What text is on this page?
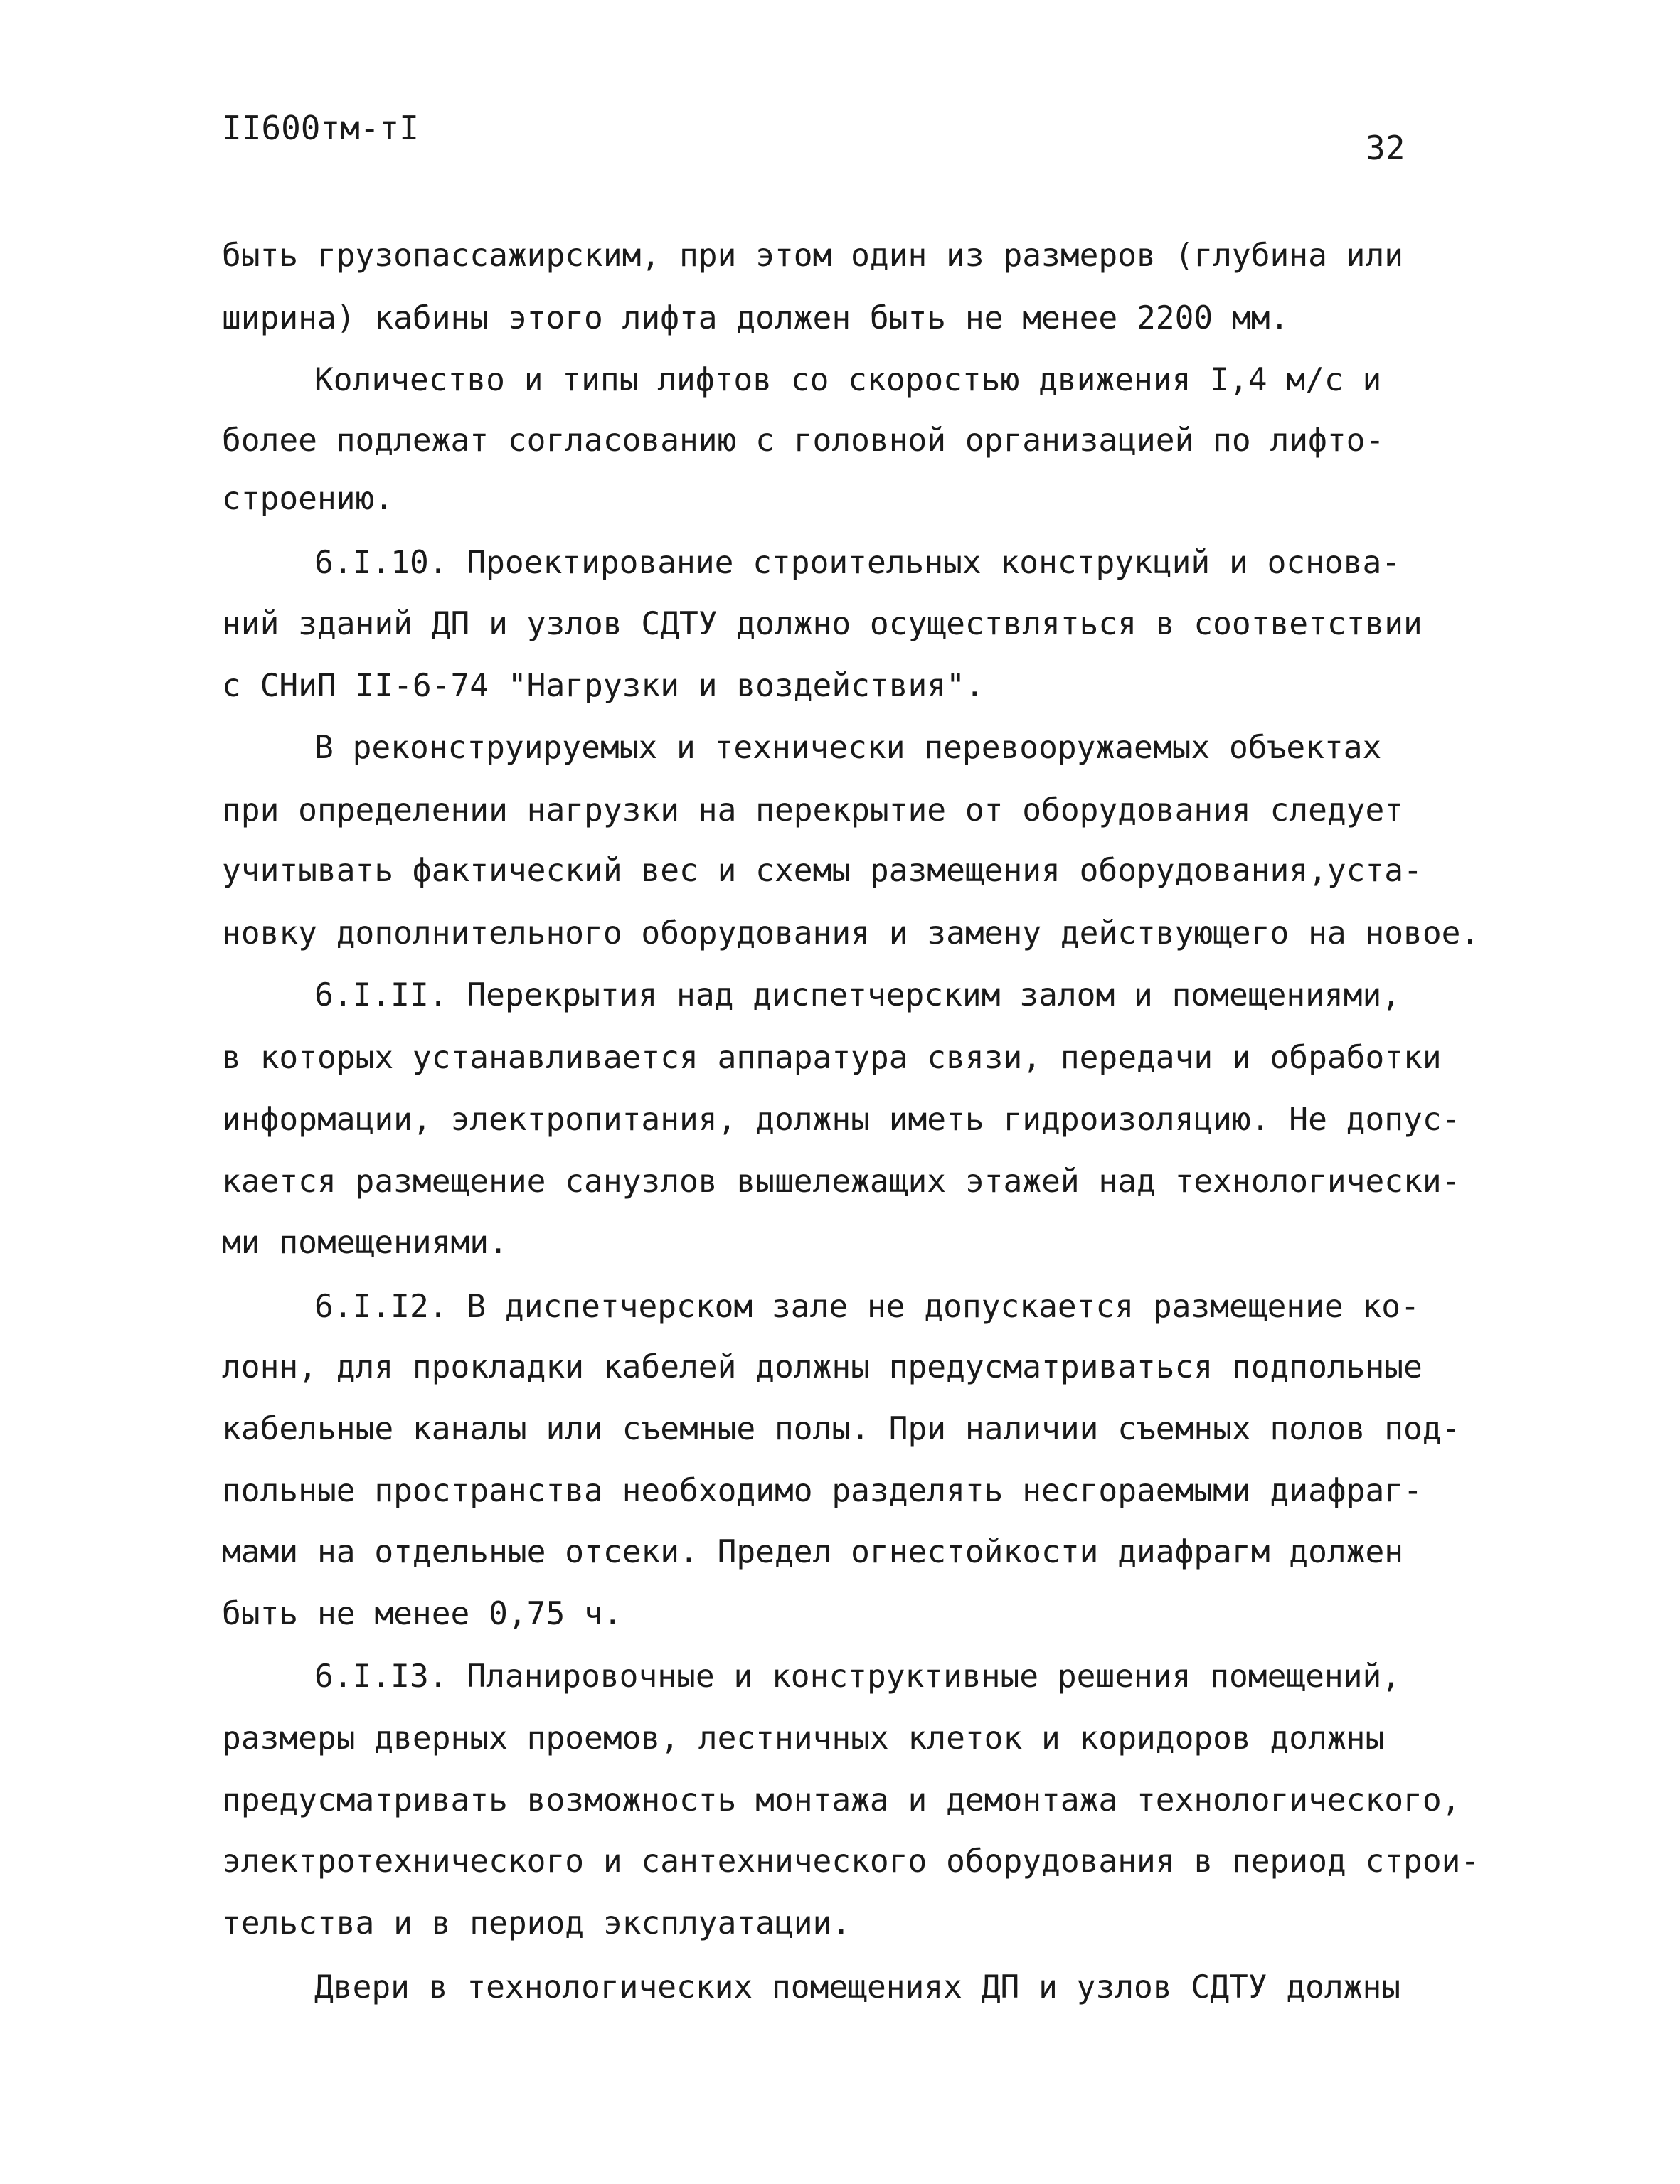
II600тм-тI
32
быть грузопассажирским, при этом один из размеров (глубина или
ширина) кабины этого лифта должен быть не менее 2200 мм.
Количество и типы лифтов со скоростью движения I,4 м/с и
более подлежат согласованию с головной организацией по лифто-
строению.
6.I.10. Проектирование строительных конструкций и основа-
ний зданий ДП и узлов СДТУ должно осуществляться в соответствии
с СНиП II-6-74 "Нагрузки и воздействия".
В реконструируемых и технически перевооружаемых объектах
при определении нагрузки на перекрытие от оборудования следует
учитывать фактический вес и схемы размещения оборудования,уста-
новку дополнительного оборудования и замену действующего на новое.
6.I.II. Перекрытия над диспетчерским залом и помещениями,
в которых устанавливается аппаратура связи, передачи и обработки
информации, электропитания, должны иметь гидроизоляцию. Не допус-
кается размещение санузлов вышележащих этажей над технологически-
ми помещениями.
6.I.I2. В диспетчерском зале не допускается размещение ко-
лонн, для прокладки кабелей должны предусматриваться подпольные
кабельные каналы или съемные полы. При наличии съемных полов под-
польные пространства необходимо разделять несгораемыми диафраг-
мами на отдельные отсеки. Предел огнестойкости диафрагм должен
быть не менее 0,75 ч.
6.I.I3. Планировочные и конструктивные решения помещений,
размеры дверных проемов, лестничных клеток и коридоров должны
предусматривать возможность монтажа и демонтажа технологического,
электротехнического и сантехнического оборудования в период строи-
тельства и в период эксплуатации.
Двери в технологических помещениях ДП и узлов СДТУ должны
